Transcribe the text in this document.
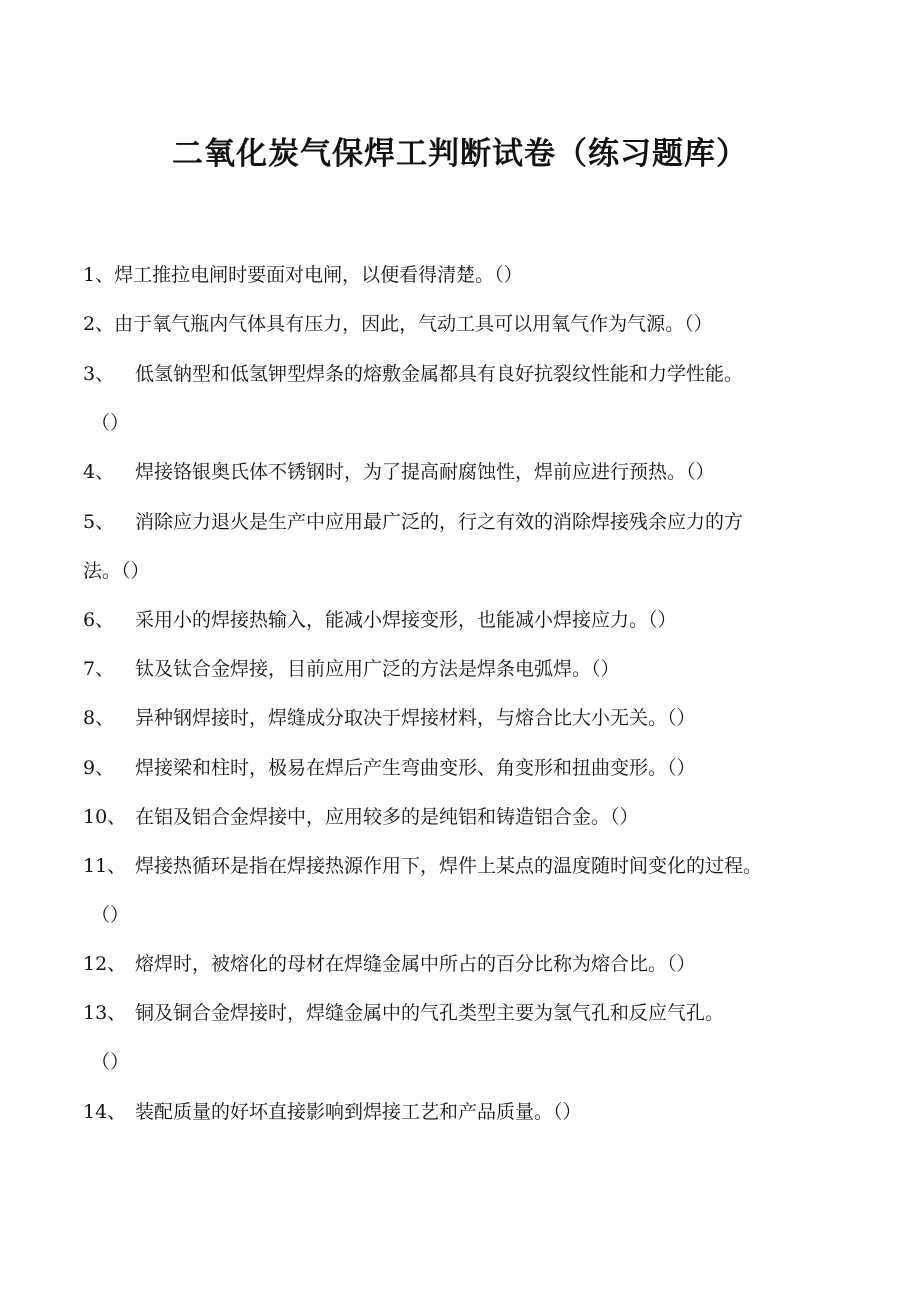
二氧化炭气保焊工判断试卷（练习题库）
1、焊工推拉电闸时要面对电闸，以便看得清楚。（）
2、由于氧气瓶内气体具有压力，因此，气动工具可以用氧气作为气源。（）
3、 低氢钠型和低氢钾型焊条的熔敷金属都具有良好抗裂纹性能和力学性能。
（）
4、 焊接铬银奥氏体不锈钢时，为了提高耐腐蚀性，焊前应进行预热。（）
5、 消除应力退火是生产中应用最广泛的，行之有效的消除焊接残余应力的方
法。（）
6、 采用小的焊接热输入，能减小焊接变形，也能减小焊接应力。（）
7、 钛及钛合金焊接，目前应用广泛的方法是焊条电弧焊。（）
8、 异种钢焊接时，焊缝成分取决于焊接材料，与熔合比大小无关。（）
9、 焊接梁和柱时，极易在焊后产生弯曲变形、角变形和扭曲变形。（）
10、 在铝及铝合金焊接中，应用较多的是纯铝和铸造铝合金。（）
11、 焊接热循环是指在焊接热源作用下，焊件上某点的温度随时间变化的过程。
（）
12、 熔焊时，被熔化的母材在焊缝金属中所占的百分比称为熔合比。（）
13、 铜及铜合金焊接时，焊缝金属中的气孔类型主要为氢气孔和反应气孔。
（）
14、 装配质量的好坏直接影响到焊接工艺和产品质量。（）
